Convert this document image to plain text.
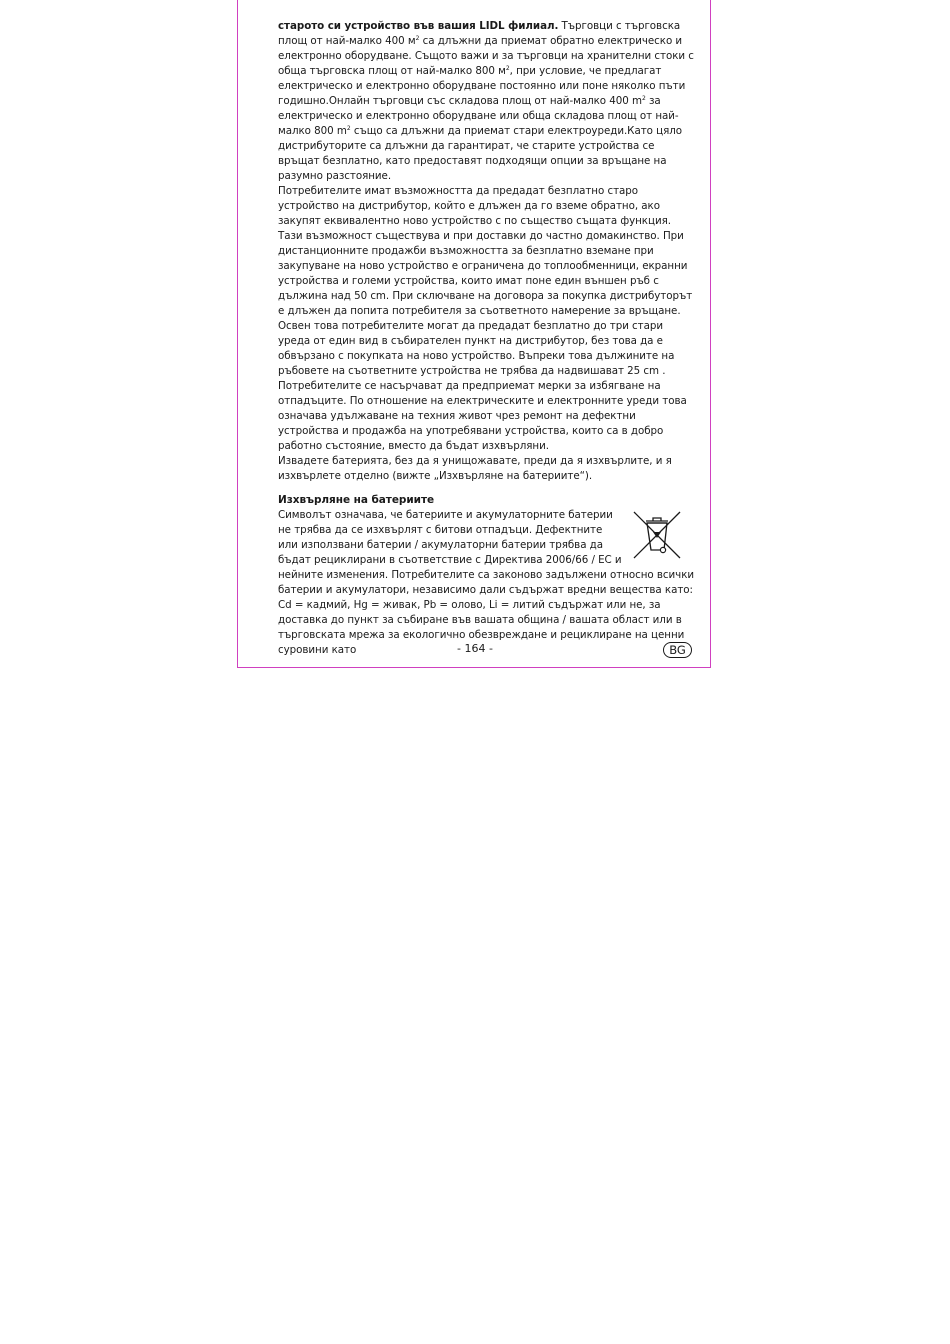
старото си устройство във вашия LIDL филиал. Търговци с търговска площ от най-малко 400 $м^2$ са длъжни да приемат обратно електрическо и електронно оборудване. Същото важи и за търговци на хранителни стоки с обща търговска площ от най-малко 800 $м^2$, при условие, че предлагат електрическо и електронно оборудване постоянно или поне няколко пъти годишно.Онлайн търговци със складова площ от най-малко 400 $m^2$ за електрическо и електронно оборудване или обща складова площ от най-малко 800 $m^2$ също са длъжни да приемат стари електроуреди.Като цяло дистрибуторите са длъжни да гарантират, че старите устройства се връщат безплатно, като предоставят подходящи опции за връщане на разумно разстояние.

Потребителите имат възможността да предадат безплатно старо устройство на дистрибутор, който е длъжен да го вземе обратно, ако закупят еквивалентно ново устройство с по същество същата функция. Тази възможност съществува и при доставки до частно домакинство. При дистанционните продажби възможността за безплатно вземане при закупуване на ново устройство е ограничена до топлообменници, екранни устройства и големи устройства, които имат поне един външен ръб с дължина над 50 cm. При сключване на договора за покупка дистрибуторът е длъжен да попита потребителя за съответното намерение за връщане. Освен това потребителите могат да предадат безплатно до три стари уреда от един вид в събирателен пункт на дистрибутор, без това да е обвързано с покупката на ново устройство. Въпреки това дължините на ръбовете на съответните устройства не трябва да надвишават 25 cm .

Потребителите се насърчават да предприемат мерки за избягване на отпадъците. По отношение на електрическите и електронните уреди това означава удължаване на техния живот чрез ремонт на дефектни устройства и продажба на употребявани устройства, които са в добро работно състояние, вместо да бъдат изхвърляни.

Извадете батерията, без да я унищожавате, преди да я изхвърлите, и я изхвърлете отделно (вижте „Изхвърляне на батериите“).

Изхвърляне на батериите

Символът означава, че батериите и акумулаторните батерии не трябва да се изхвърлят с битови отпадъци. Дефектните или използвани батерии / акумулаторни батерии трябва да бъдат рециклирани в съответствие с Директива 2006/66 / ЕС и нейните изменения. Потребителите са законово задължени относно всички батерии и акумулатори, независимо дали съдържат вредни вещества като:

Cd = кадмий, Hg = живак, Pb = олово, Li = литий съдържат или не, за доставка до пункт за събиране във вашата община / вашата област или в търговската мрежа за екологично обезвреждане и рециклиране на ценни суровини като	- 164 -	BG
